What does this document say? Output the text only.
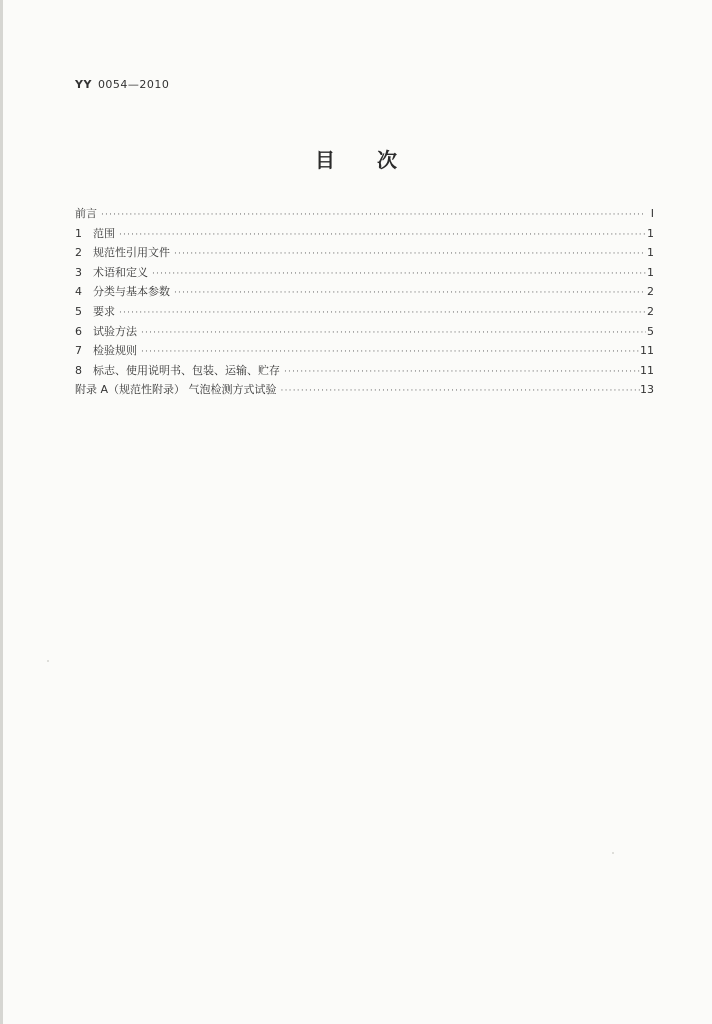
YY 0054—2010
目 次
前言 ·····	Ⅰ
1	范围 ·····	1
2	规范性引用文件 ·····	1
3	术语和定义 ·····	1
4	分类与基本参数 ·····	2
5	要求 ·····	2
6	试验方法 ·····	5
7	检验规则 ·····	11
8	标志、使用说明书、包装、运输、贮存 ·····	11
附录 A（规范性附录） 气泡检测方式试验 ·····	13
